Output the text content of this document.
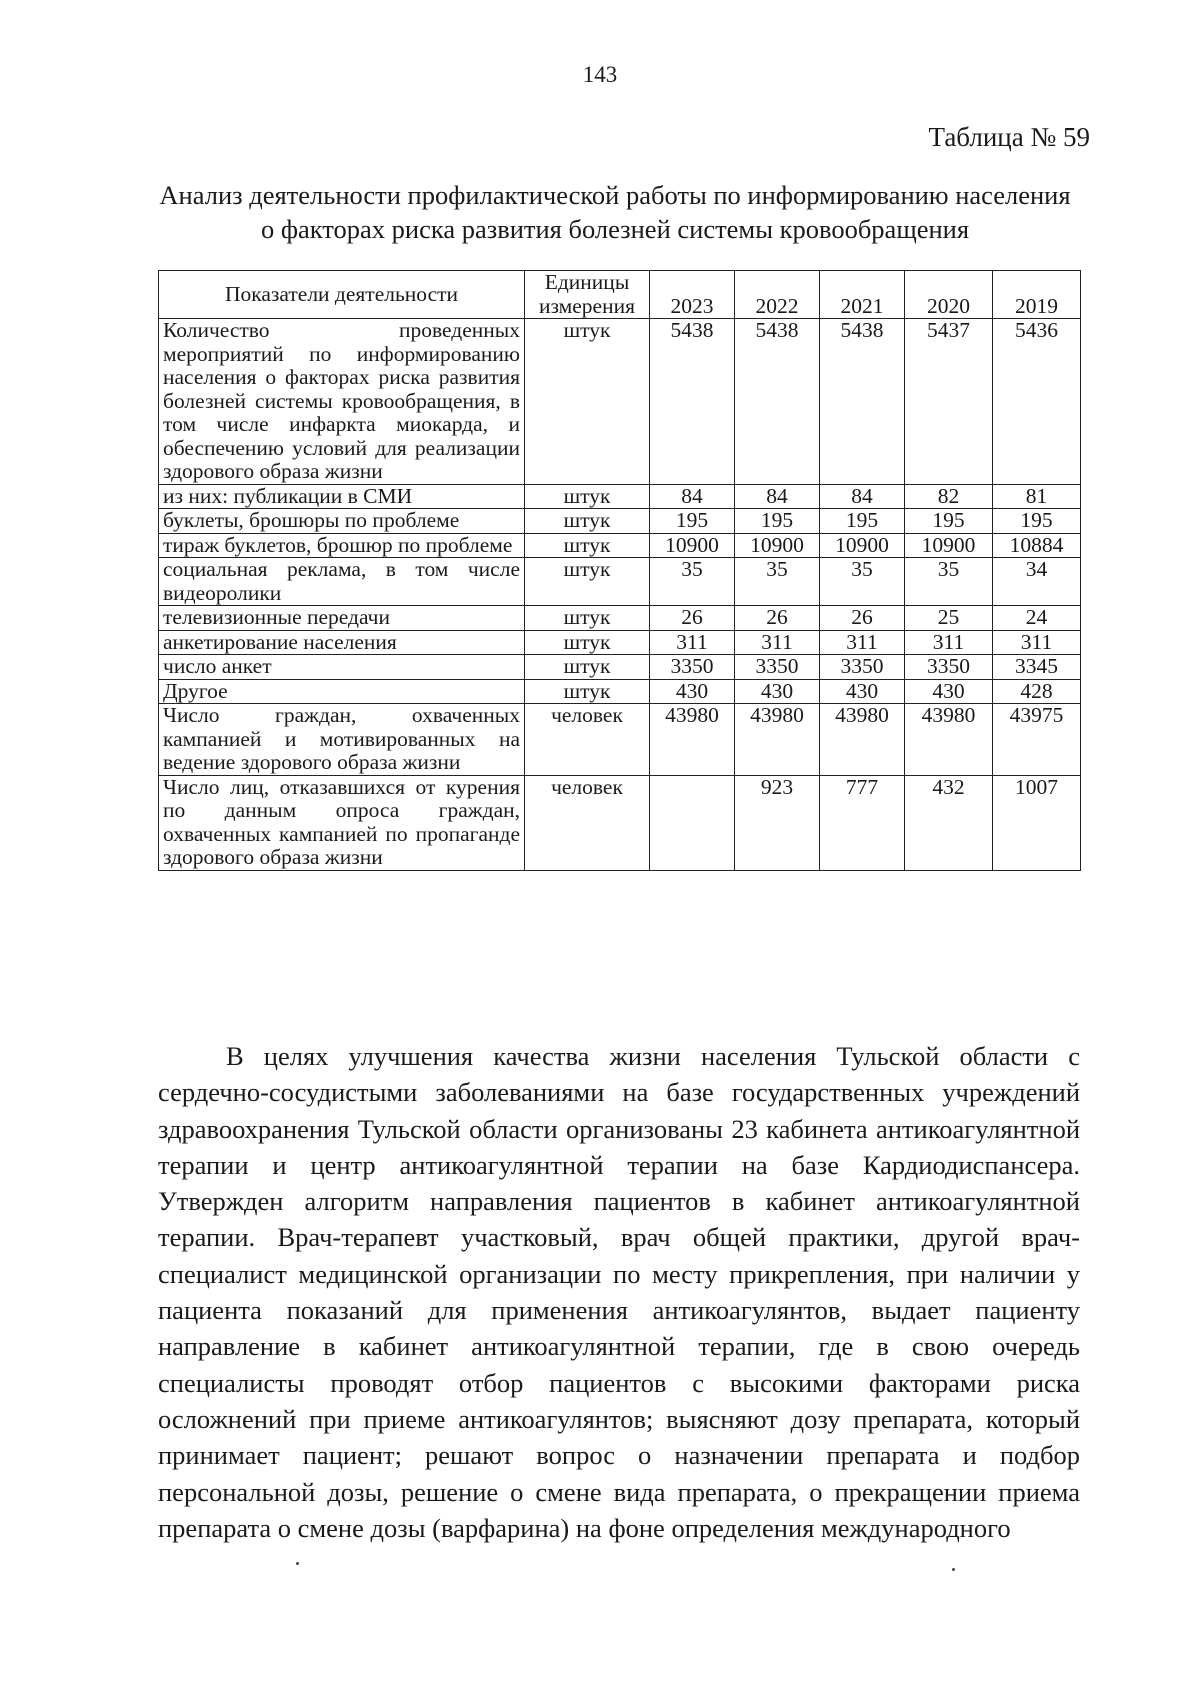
143
Таблица № 59
Анализ деятельности профилактической работы по информированию населения о факторах риска развития болезней системы кровообращения
Показатели деятельности	Единицы измерения	2023	2022	2021	2020	2019
Количество проведенных мероприятий по информированию населения о факторах риска развития болезней системы кровообращения, в том числе инфаркта миокарда, и обеспечению условий для реализации здорового образа жизни	штук	5438	5438	5438	5437	5436
из них: публикации в СМИ	штук	84	84	84	82	81
буклеты, брошюры по проблеме	штук	195	195	195	195	195
тираж буклетов, брошюр по проблеме	штук	10900	10900	10900	10900	10884
социальная реклама, в том числе видеоролики	штук	35	35	35	35	34
телевизионные передачи	штук	26	26	26	25	24
анкетирование населения	штук	311	311	311	311	311
число анкет	штук	3350	3350	3350	3350	3345
Другое	штук	430	430	430	430	428
Число граждан, охваченных кампанией и мотивированных на ведение здорового образа жизни	человек	43980	43980	43980	43980	43975
Число лиц, отказавшихся от курения по данным опроса граждан, охваченных кампанией по пропаганде здорового образа жизни	человек		923	777	432	1007
В целях улучшения качества жизни населения Тульской области с сердечно-сосудистыми заболеваниями на базе государственных учреждений здравоохранения Тульской области организованы 23 кабинета антикоагулянтной терапии и центр антикоагулянтной терапии на базе Кардиодиспансера. Утвержден алгоритм направления пациентов в кабинет антикоагулянтной терапии. Врач-терапевт участковый, врач общей практики, другой врач-специалист медицинской организации по месту прикрепления, при наличии у пациента показаний для применения антикоагулянтов, выдает пациенту направление в кабинет антикоагулянтной терапии, где в свою очередь специалисты проводят отбор пациентов с высокими факторами риска осложнений при приеме антикоагулянтов; выясняют дозу препарата, который принимает пациент; решают вопрос о назначении препарата и подбор персональной дозы, решение о смене вида препарата, о прекращении приема препарата о смене дозы (варфарина) на фоне определения международного
